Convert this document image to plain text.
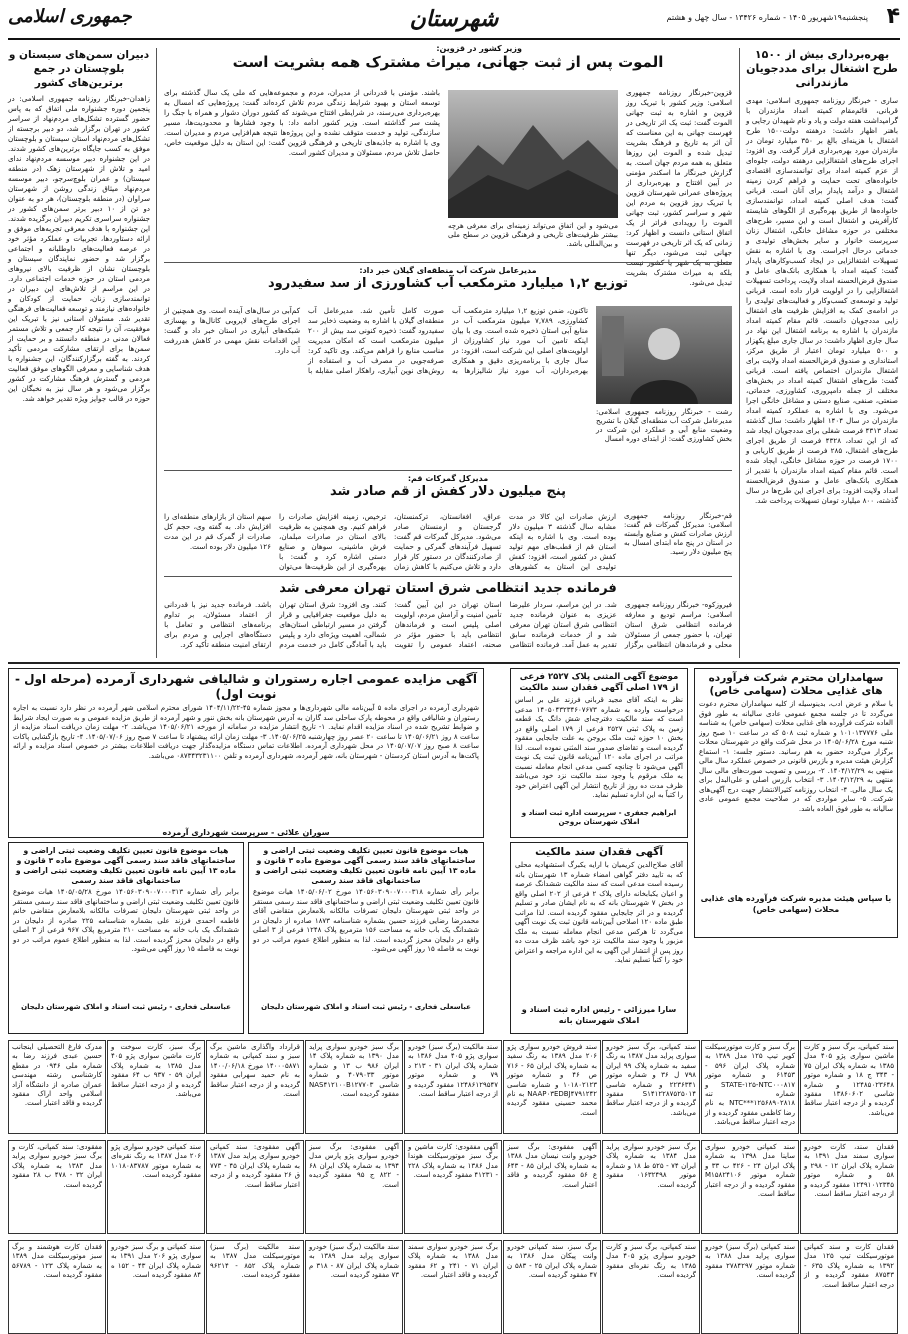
۴
پنجشنبه۱۹شهریور ۱۴۰۵ - شماره ۱۳۴۲۶ - سال چهل و هشتم
شهرستان
جمهوری اسلامی
بهره‌برداری بیش از ۱۵۰۰ طرح اشتغال برای مددجویان مازندرانی
ساری - خبرنگار روزنامه جمهوری اسلامی: مهدی قربانی، قائم‌مقام کمیته امداد مازندران با گرامیداشت هفته دولت و یاد و نام شهیدان رجایی و باهنر اظهار داشت: درهفته دولت۱۵۰۰ طرح اشتغال با هزینه‌ای بالغ بر ۳۵۰ میلیارد تومان در مازندران مورد بهره‌برداری قرار گرفت. وی افزود: اجرای طرح‌های اشتغالزایی درهفته دولت، جلوه‌ای از عزم کمیته امداد برای توانمندسازی اقتصادی خانواده‌های تحت حمایت و فراهم کردن زمینه اشتغال و درآمد پایدار برای آنان است. قربانی گفت: هدف اصلی کمیته امداد، توانمندسازی خانواده‌ها از طریق بهره‌گیری از الگوهای شایسته کارآفرینی و اشتغال است و این مسیر، طرح‌های مختلفی در حوزه مشاغل خانگی، اشتغال زنان سرپرست خانوار و سایر بخش‌های تولیدی و خدماتی درحال اجراست. وی با اشاره به نقش تسهیلات اشتغالزایی در ایجاد کسب‌وکارهای پایدار گفت: کمیته امداد با همکاری بانک‌های عامل و صندوق قرض‌الحسنه امداد ولایت، پرداخت تسهیلات اشتغالزایی را در اولویت قرار داده است. قربانی تولید و توسعه‌ی کسب‌وکار و فعالیت‌های تولیدی را در ادامه‌ی کمک به افزایش ظرفیت های اشتغال زایی مددجویان دانست. قائم مقام کمیته امداد مازندران با اشاره به برنامه اشتغال این نهاد در سال جاری اظهار داشت: در سال جاری مبلغ یکهزار و ۵۰۰ میلیارد تومان اعتبار از طریق مرکز، استانداری و صندوق قرض‌الحسنه امداد ولایت برای اشتغال مازندران اختصاص یافته است. قربانی گفت: طرح‌های اشتغال کمیته امداد در بخش‌های مختلف از جمله دامپروری، کشاورزی، خدماتی، صنعتی، صنفی، صنایع دستی و مشاغل خانگی اجرا می‌شود. وی با اشاره به عملکرد کمیته امداد مازندران در سال ۱۴۰۴ اظهار داشت: سال گذشته تعداد ۴۳۱۳ فرصت شغلی برای مددجویان ایجاد شد که از این تعداد، ۴۳۲۸ فرصت از طریق اجرای طرح‌های اشتغال، ۲۸۵ فرصت از طریق کاریابی و ۱۷۰۰ فرصت در حوزه مشاغل خانگی، ایجاد شده است. قائم مقام کمیته امداد مازندران با تقدیر از همکاری بانک‌های عامل و صندوق قرض‌الحسنه امداد ولایت افزود: برای اجرای این طرح‌ها در سال گذشته، ۸۰۰ میلیارد تومان تسهیلات پرداخت شد.
وزیر کشور در قزوین:
الموت پس از ثبت جهانی، میراث مشترک همه بشریت است
قزوین-خبرنگار روزنامه جمهوری اسلامی: وزیر کشور با تبریک روز قزوین و اشاره به ثبت جهانی الموت گفت: ثبت یک اثر تاریخی در فهرست جهانی به این معناست که آن اثر به تاریخ و فرهنگ بشریت تبدیل شده و الموت این روزها متعلق به همه مردم جهان است. به گزارش خبرنگار ما اسکندر مؤمنی در آیین افتتاح و بهره‌برداری از پروژه‌های عمرانی شهرستان قزوین با تبریک روز قزوین به مردم این شهر و سراسر کشور، ثبت جهانی الموت را رویدادی فراتر از یک اتفاق استانی دانست و اظهار کرد: زمانی که یک اثر تاریخی در فهرست جهانی ثبت می‌شود، دیگر تنها بلکه به میراث مشترک بشریت تبدیل می‌شود.
می‌شود و این اتفاق می‌تواند زمینه‌ای برای معرفی هرچه بیشتر ظرفیت‌های تاریخی و فرهنگی قزوین در سطح ملی و بین‌المللی باشد.
باشند. مؤمنی با قدردانی از مدیران، مردم و مجموعه‌هایی که ملی یک سال گذشته برای توسعه استان و بهبود شرایط زندگی مردم تلاش کرده‌اند گفت: پروژه‌هایی که امسال به بهره‌برداری می‌رسند، در شرایطی افتتاح می‌شوند که کشور دوران دشوار و همراه با جنگ را پشت سر گذاشته است. وزیر کشور ادامه داد: با وجود فشارها و محدودیت‌ها، مسیر سازندگی، تولید و خدمت متوقف نشده و این پروژه‌ها نتیجه هم‌افزایی مردم و مدیران است. وی با اشاره به جاذبه‌های تاریخی و فرهنگی قزوین گفت: این استان به دلیل موقعیت خاص، حاصل تلاش مردم، مسئولان و مدیران کشور است.
مدیرعامل شرکت آب منطقه‌ای گیلان خبر داد:
توزیع ۱,۲ میلیارد مترمکعب آب کشاورزی از سد سفیدرود
رشت - خبرنگار روزنامه جمهوری اسلامی: مدیرعامل شرکت آب منطقه‌ای گیلان با تشریح وضعیت منابع آبی و عملکرد این شرکت در بخش کشاورزی گفت: از ابتدای دوره امسال
تاکنون، ضمن توزیع ۱,۲ میلیارد مترمکعب آب کشاورزی، ۷,۷۸۹ میلیون مترمکعب آب در منابع آبی استان ذخیره شده است. وی با بیان اینکه تامین آب مورد نیاز کشاورزان از اولویت‌های اصلی این شرکت است، افزود: در سال جاری با برنامه‌ریزی دقیق و همکاری بهره‌برداران، آب مورد نیاز شالیزارها به صورت کامل تأمین شد. مدیرعامل آب منطقه‌ای گیلان با اشاره به وضعیت ذخایر سد سفیدرود گفت: ذخیره کنونی سد بیش از ۲۰۰ میلیون مترمکعب است که امکان مدیریت مناسب منابع را فراهم می‌کند. وی تاکید کرد: صرفه‌جویی در مصرف آب و استفاده از روش‌های نوین آبیاری، راهکار اصلی مقابله با کم‌آبی در سال‌های آینده است. وی همچنین از اجرای طرح‌های لایروبی کانال‌ها و بهسازی شبکه‌های آبیاری در استان خبر داد و گفت: این اقدامات نقش مهمی در کاهش هدررفت آب دارد.
مدیرکل گمرکات قم:
پنج میلیون دلار کفش از قم صادر شد
قم-خبرنگار روزنامه جمهوری اسلامی: مدیرکل گمرکات قم گفت: ارزش صادرات کفش و صنایع وابسته در استان در پنج ماه ابتدای امسال به پنج میلیون دلار رسید.
ارزش صادرات این کالا در مدت مشابه سال گذشته ۳ میلیون دلار بوده است. وی با اشاره به اینکه استان قم از قطب‌های مهم تولید کفش در کشور است، افزود: کفش تولیدی این استان به کشورهای عراق، افغانستان، ترکمنستان، گرجستان و ارمنستان صادر می‌شود. مدیرکل گمرکات قم گفت: تسهیل فرآیندهای گمرکی و حمایت از صادرکنندگان در دستور کار قرار دارد و تلاش می‌کنیم با کاهش زمان ترخیص، زمینه افزایش صادرات را فراهم کنیم. وی همچنین به ظرفیت بالای استان در صادرات مبلمان، فرش ماشینی، سوهان و صنایع دستی اشاره کرد و گفت: با بهره‌گیری از این ظرفیت‌ها می‌توان سهم استان از بازارهای منطقه‌ای را افزایش داد. به گفته وی، حجم کل صادرات از گمرک قم در این مدت ۱۲۶ میلیون دلار بوده است.
فرمانده جدید انتظامی شرق استان تهران معرفی شد
فیروزکوه- خبرنگار روزنامه جمهوری اسلامی: مراسم تودیع و معارفه فرمانده انتظامی شرق استان تهران، با حضور جمعی از مسئولان محلی و فرماندهان انتظامی برگزار شد. در این مراسم، سردار علیرضا عزیزی به عنوان فرمانده جدید انتظامی شرق استان تهران معرفی شد و از خدمات فرمانده سابق تقدیر به عمل آمد. فرمانده انتظامی استان تهران در این آیین گفت: تأمین امنیت و آرامش مردم، اولویت اصلی پلیس است و فرماندهان انتظامی باید با حضور مؤثر در صحنه، اعتماد عمومی را تقویت کنند. وی افزود: شرق استان تهران به دلیل موقعیت جغرافیایی و قرار گرفتن در مسیر ارتباطی استان‌های شمالی، اهمیت ویژه‌ای دارد و پلیس باید با آمادگی کامل در خدمت مردم باشد. فرمانده جدید نیز با قدردانی از اعتماد مسئولان، بر تداوم برنامه‌های انتظامی و تعامل با دستگاه‌های اجرایی و مردم برای ارتقای امنیت منطقه تأکید کرد.
دبیران سمن‌های سیستان و بلوچستان در جمع برترین‌های کشور
زاهدان-خبرنگار روزنامه جمهوری اسلامی: در پنجمین دوره جشنواره ملی اتفاق که به پاس حضور گسترده تشکل‌های مردم‌نهاد از سراسر کشور در تهران برگزار شد، دو دبیر برجسته از تشکل‌های مردم‌نهاد استان سیستان و بلوچستان موفق به کسب جایگاه برترین‌های کشور شدند. در این جشنواره دبیر موسسه مردم‌نهاد ندای امید و تلاش از شهرستان زهک (در منطقه سیستان) و عمران بلوچ‌سرجو، دبیر موسسه مردم‌نهاد میثاق زندگی روشن از شهرستان سراوان (در منطقه بلوچستان)، هر دو به عنوان دو تن از ۱۰ دبیر برتر سمن‌های کشور در جشنواره سراسری تکریم دبیران برگزیده شدند. این جشنواره با هدف معرفی تجربه‌های موفق و ارائه دستاوردها، تجربیات و عملکرد مؤثر خود در عرصه فعالیت‌های داوطلبانه و اجتماعی برگزار شد و حضور نمایندگان سیستان و بلوچستان نشان از ظرفیت بالای نیروهای مردمی استان در حوزه خدمات اجتماعی دارد. در این مراسم از تلاش‌های این دبیران در توانمندسازی زنان، حمایت از کودکان و خانواده‌های نیازمند و توسعه فعالیت‌های فرهنگی تقدیر شد. مسئولان استانی نیز با تبریک این موفقیت، آن را نتیجه کار جمعی و تلاش مستمر فعالان مدنی در منطقه دانستند و بر حمایت از سمن‌ها برای ارتقای مشارکت مردمی تأکید کردند. به گفته برگزارکنندگان، این جشنواره با هدف شناسایی و معرفی الگوهای موفق فعالیت مردمی و گسترش فرهنگ مشارکت در کشور برگزار می‌شود و هر سال نیز به نخبگان این حوزه در قالب جوایز ویژه تقدیر خواهد شد.
سهامداران محترم شرکت فرآورده های غذایی محلات (سهامی خاص)
با سلام و عرض ادب، بدینوسیله از کلیه سهامداران محترم دعوت می‌گردد تا در جلسه مجمع عمومی عادی سالیانه به طور فوق العاده شرکت فرآورده های غذایی محلات (سهامی خاص) به شناسه ملی ۱۰۱۰۱۳۷۷۷۶ و شماره ثبت ۵۰۸ که در ساعت ۱۰ صبح روز شنبه مورخ ۱۴۰۵/۰۶/۲۸ در محل شرکت واقع در شهرستان محلات برگزار می‌گردد حضور به هم رسانید. دستور جلسه: ۱- استماع گزارش هیئت مدیره و بازرس قانونی در خصوص عملکرد سال مالی منتهی به ۱۴۰۴/۱۲/۲۹. ۲- بررسی و تصویب صورت‌های مالی سال منتهی به ۱۴۰۴/۱۲/۲۹. ۳- انتخاب بازرس اصلی و علی‌البدل برای یک سال مالی. ۴- انتخاب روزنامه کثیرالانتشار جهت درج آگهی‌های شرکت. ۵- سایر مواردی که در صلاحیت مجمع عمومی عادی سالیانه به طور فوق العاده باشد.
با سپاس هیئت مدیره شرکت فرآورده های غذایی محلات (سهامی خاص)
موضوع آگهی المثنی پلاک ۲۵۲۷ فرعی از ۱۷۹ اصلی آگهی فقدان سند مالکیت
نظر به اینکه آقای مجید قربانی فرزند علی بر اساس درخواست وارده به شماره ۱۴۰۵۰۴۳۲۳۴۶۰۷۶۷۳ مدعی است که سند مالکیت دفترچه‌ای شش دانگ یک قطعه زمین به پلاک ثبتی ۲۵۲۷ فرعی از ۱۷۹ اصلی واقع در بخش ۱۰ حوزه ثبت ملک بروجن به علت جابجایی مفقود گردیده است و تقاضای صدور سند المثنی نموده است. لذا مراتب در اجرای ماده ۱۲۰ آیین‌نامه قانون ثبت یک نوبت آگهی می‌شود تا چنانچه کسی مدعی انجام معامله نسبت به ملک مرقوم یا وجود سند مالکیت نزد خود می‌باشد ظرف مدت ده روز از تاریخ انتشار این آگهی اعتراض خود را کتباً به این اداره تسلیم نماید.
ابراهیم جعفری - سرپرست اداره ثبت اسناد و املاک شهرستان بروجن
آگهی فقدان سند مالکیت
آقای صلاح‌الدین کریمیان با ارایه یکبرگ استشهادیه محلی که به تایید دفتر گواهی امضاء شماره ۱۳ شهرستان بانه رسیده است مدعی است که سند مالکیت ششدانگ عرصه و اعیان یکبابخانه دارای پلاک ۲ فرعی از ۲۰۲ اصلی واقع در بخش ۷ شهرستان بانه که به نام ایشان صادر و تسلیم گردیده و در اثر جابجایی مفقود گردیده است. لذا مراتب طبق ماده ۱۲۰ اصلاحی آیین‌نامه قانون ثبت یک نوبت آگهی می‌گردد تا هرکس مدعی انجام معامله نسبت به ملک مزبور یا وجود سند مالکیت نزد خود باشد ظرف مدت ده روز پس از انتشار این آگهی به این اداره مراجعه و اعتراض خود را کتباً تسلیم نماید.
سارا میرزائی - رئیس اداره ثبت اسناد و املاک شهرستان بانه
آگهی مزایده عمومی اجاره رستوران و شالیافی شهرداری آرمرده (مرحله اول - نوبت اول)
شهرداری آرمرده در اجرای ماده ۵ آیین‌نامه مالی شهرداری‌ها و مجوز شماره ۴۵-۱۴۰۴/۱۱/۲۲ شورای محترم اسلامی شهر آرمرده در نظر دارد نسبت به اجاره رستوران و شالیافی واقع در محوطه پارک ساحلی سد گاران به آدرس شهرستان بانه بخش ننور و شهر آرمرده از طریق مزایده عمومی و به صورت ایجاد شرایط و ضوابط تشریح شده در اسناد مزایده اقدام نماید. ۱- تاریخ انتشار مزایده در سامانه از مورخه ۱۴۰۵/۰۶/۲۱ می‌باشد. ۲- مهلت زمان دریافت اسناد مزایده از ساعت ۸ روز ۱۴۰۵/۰۶/۲۱ تا ساعت ۲۰ عصر روز چهارشنبه ۱۴۰۵/۰۶/۲۵. ۳- مهلت زمان ارائه پیشنهاد تا ساعت ۷ صبح روز ۱۴۰۵/۰۷/۰۶. ۴- تاریخ بازگشایی پاکات ساعت ۸ صبح روز ۱۴۰۵/۰۷/۰۷ در محل شهرداری آرمرده. اطلاعات تماس دستگاه مزایده‌گذار جهت دریافت اطلاعات بیشتر در خصوص اسناد مزایده و ارائه پاکت‌ها به آدرس استان کردستان - شهرستان بانه، شهر آرمرده، شهرداری آرمرده و تلفن ۰۸۷۳۴۳۲۳۱۱۰۰ می‌باشد.
سوران علائی - سرپرست شهرداری آرمرده
هیات موضوع قانون تعیین تکلیف وضعیت ثبتی اراضی و ساختمانهای فاقد سند رسمی آگهی موضوع ماده ۳ قانون و ماده ۱۳ آیین نامه قانون تعیین تکلیف وضعیت ثبتی اراضی و ساختمانهای فاقد سند رسمی
برابر رأی شماره ۱۴۰۵۶۰۳۰۹۰۰۷۰۰۰۳۱۸ مورخ ۱۴۰۵/۰۶/۰۲ هیات موضوع قانون تعیین تکلیف وضعیت ثبتی اراضی و ساختمانهای فاقد سند رسمی مستقر در واحد ثبتی شهرستان دلیجان تصرفات مالکانه بلامعارض متقاضی آقای محمدرضا رضایی فرزند حسین بشماره شناسنامه ۱۸۷۳ صادره از دلیجان در ششدانگ یک باب خانه به مساحت ۱۵۶ مترمربع پلاک ۱۲۴۸ فرعی از ۳ اصلی واقع در دلیجان محرز گردیده است. لذا به منظور اطلاع عموم مراتب در دو نوبت به فاصله ۱۵ روز آگهی می‌شود.
عباسعلی فخاری - رئیس ثبت اسناد و املاک شهرستان دلیجان
هیات موضوع قانون تعیین تکلیف وضعیت ثبتی اراضی و ساختمانهای فاقد سند رسمی آگهی موضوع ماده ۳ قانون و ماده ۱۳ آیین نامه قانون تعیین تکلیف وضعیت ثبتی اراضی و ساختمانهای فاقد سند رسمی
برابر رأی شماره ۱۴۰۵۶۰۳۰۹۰۰۷۰۰۰۳۱۳ مورخ ۱۴۰۵/۰۵/۲۸ هیات موضوع قانون تعیین تکلیف وضعیت ثبتی اراضی و ساختمانهای فاقد سند رسمی مستقر در واحد ثبتی شهرستان دلیجان تصرفات مالکانه بلامعارض متقاضی خانم فاطمه احمدی فرزند علی بشماره شناسنامه ۲۲۵ صادره از دلیجان در ششدانگ یک باب خانه به مساحت ۲۱۰ مترمربع پلاک ۹۶۷ فرعی از ۳ اصلی واقع در دلیجان محرز گردیده است. لذا به منظور اطلاع عموم مراتب در دو نوبت به فاصله ۱۵ روز آگهی می‌شود.
عباسعلی فخاری - رئیس ثبت اسناد و املاک شهرستان دلیجان
سند کمپانی، برگ سبز و کارت ماشین سواری پژو ۴۰۵ مدل ۱۳۸۵ به شماره پلاک ایران ۷۵ - ۳۴۳ ج ۱۸ و شماره موتور ۱۲۴۸۵۰۲۳۶۴۸ و شماره شاسی ۱۳۸۶۰۶۰۲ مفقود گردیده و از درجه اعتبار ساقط می‌باشد.
برگ سبز و کارت موتورسیکلت کویر تیپ ۱۲۵ مدل ۱۳۸۹ به شماره پلاک ایران ۵۹۶ - ۶۱۴۵۳ و شماره موتور STATE-۱۲۵-NTC۰۰۰۸۱۷ و شماره تنه NTC***۱۲۵۶۸۹۰۲۸۱۸ به نام رضا کاظمی مفقود گردیده و از درجه اعتبار ساقط می‌باشد.
سند کمپانی، برگ سبز خودرو سواری پراید مدل ۱۳۸۷ به رنگ سفید به شماره پلاک ۹۹ ایران ۷۹۸ ل ۳۶ و شماره موتور ۲۲۳۶۳۴۱ و شماره شاسی S۱۴۱۲۲۸۷۵۲۵۰۱۴ مفقود گردیده و از درجه اعتبار ساقط می‌باشد.
سند فروش خودرو سواری پژو ۲۰۶ مدل ۱۳۸۹ به رنگ سفید به شماره پلاک ایران ۶۵ - ۷۱۶ ص ۴۶ و شماره موتور ۱۰۱۸۰۲۱۲۳ و شماره شاسی NAAP۰۳EDBJ۴۷۹۱۲۴۲ به نام محمد حسینی مفقود گردیده است.
سند مالکیت (برگ سبز) خودرو سواری پژو ۴۰۵ مدل ۱۳۸۶ به شماره پلاک ایران ۳۱ - ۲۱۳ د ۷۹ و شماره موتور ۱۲۴۸۶۱۲۹۵۴۷ مفقود گردیده و از درجه اعتبار ساقط است.
برگ سبز خودرو سواری پراید مدل ۱۳۹۰ به شماره پلاک ۱۴ ایران ۹۸۶ ب ۱۳ و شماره موتور ۴۰۷۹۰۳۳ و شماره شاسی NAS۴۱۲۱۰۰B۱۲۷۷۰۳ مفقود گردیده است.
قرارداد واگذاری ماشین برگ سبز و سند کمپانی به شماره ۱۴۰۰۰۵۸۷۱ مورخ ۱۴۰۰/۰۶/۱۸ به نام حمید سهرابی مفقود گردیده و از درجه اعتبار ساقط است.
برگ سبز، کارت سوخت و کارت ماشین سواری پژو ۴۰۵ مدل ۱۳۸۵ به شماره پلاک ایران ۵۹ - ۹۳۷ ب ۶۴ مفقود گردیده و از درجه اعتبار ساقط می‌باشد.
مدرک فارغ التحصیلی اینجانب حسین عبدی فرزند رضا به شماره ملی ۰۹۴۶ در مقطع کارشناسی رشته مهندسی عمران صادره از دانشگاه آزاد اسلامی واحد اراک مفقود گردیده و فاقد اعتبار است.
فقدان سند، کارت خودرو سواری سمند مدل ۱۳۹۱ به شماره پلاک ایران ۱۲ - ۲۹۸ و ۵۸ و شماره موتور ۱۲۴۹۱۰۱۲۳۴۵ مفقود گردیده و از درجه اعتبار ساقط است.
سند کمپانی خودرو سواری ساینا مدل ۱۳۹۸ به شماره پلاک ایران ۲۴ - ۴۲۶ ب ۳۳ و شماره موتور M۱۵۸۲۴۱۰۶ مفقود گردیده و از درجه اعتبار ساقط است.
برگ سبز خودرو سواری پراید مدل ۱۳۸۴ به شماره پلاک ایران ۷۴ - ۵۲۵ ط ۱۸ و شماره موتور ۰۱۶۳۲۴۹۸ مفقود گردیده است.
آگهی مفقودی: برگ سبز خودرو وانت نیسان مدل ۱۳۸۸ به شماره پلاک ایران ۸۵ - ۶۴۳ ع ۵۶ مفقود گردیده و فاقد اعتبار است.
آگهی مفقودی: کارت ماشین و برگ سبز موتورسیکلت هوندا مدل ۱۳۸۶ به شماره پلاک ۲۲۸ - ۴۱۲۳۱ مفقود گردیده است.
آگهی مفقودی: برگ سبز خودرو سواری پژو پارس مدل ۱۳۹۴ به شماره پلاک ایران ۶۸ - ۸۲۲ ج ۹۵ مفقود گردیده است.
آگهی مفقودی: سند کمپانی خودرو سواری پراید مدل ۱۳۸۷ به شماره پلاک ایران ۴۵ - ۷۷۳ ق ۲۶ مفقود گردیده و از درجه اعتبار ساقط است.
سند کمپانی خودرو سواری پژو ۲۰۶ مدل ۱۳۸۷ به رنگ نقره‌ای به شماره موتور ۱۰۱۸۰۸۳۷۸۷ مفقود گردیده است.
مفقودی: سند کمپانی، کارت و برگ سبز خودرو سواری پراید مدل ۱۳۸۳ به شماره پلاک ایران ۳۲ - ۴۷۸ ب ۲۸ مفقود گردیده است.
فقدان کارت و سند کمپانی موتورسیکلت تیپ ۱۲۵ مدل ۱۳۹۲ به شماره پلاک ۶۳۵ - ۸۷۵۴۳ مفقود گردیده و از درجه اعتبار ساقط است.
سند کمپانی (برگ سبز) خودرو سواری پراید مدل ۱۳۸۸ به شماره موتور ۲۷۸۴۲۹۷ مفقود گردیده است.
سند کمپانی، برگ سبز و کارت خودرو سواری پژو ۴۰۵ مدل ۱۳۸۵ به رنگ نقره‌ای مفقود گردیده است.
برگ سبز، سند کمپانی خودرو وانت پیکان مدل ۱۳۸۶ به شماره پلاک ایران ۲۵ - ۵۸۳ ن ۴۷ مفقود گردیده است.
برگ سبز خودرو سواری سمند مدل ۱۳۸۸ به شماره پلاک ایران ۷۱ - ۲۴۱ و ۶۲ مفقود گردیده و فاقد اعتبار است.
سند مالکیت (برگ سبز) خودرو سواری پراید مدل ۱۳۸۹ به شماره پلاک ایران ۸۷ - ۳۱۸ م ۷۳ مفقود گردیده است.
سند مالکیت (برگ سبز) موتورسیکلت مدل ۱۳۸۷ به شماره پلاک ۸۵۲ - ۹۶۲۱۴ مفقود گردیده است.
سند کمپانی و برگ سبز خودرو سواری پژو ۲۰۶ مدل ۱۳۹۱ به شماره پلاک ایران ۴۳ - ۱۵۲ ه ۸۴ مفقود گردیده است.
فقدان کارت هوشمند و برگ سبز موتورسیکلت مدل ۱۳۸۹ به شماره پلاک ۱۲۳ - ۵۶۷۸۹ مفقود گردیده است.
